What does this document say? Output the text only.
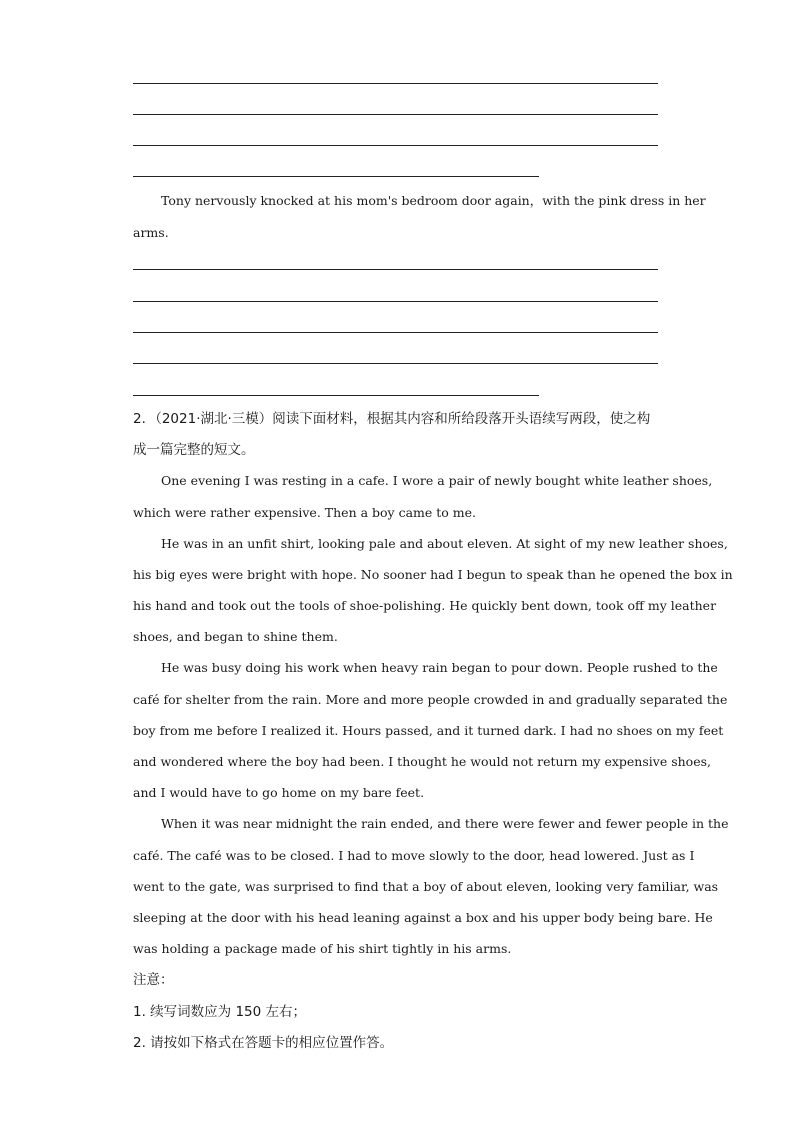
Tony nervously knocked at his mom's bedroom door again，with the pink dress in her
arms.
2．（2021·湖北·三模）阅读下面材料，根据其内容和所给段落开头语续写两段，使之构
成一篇完整的短文。
One evening I was resting in a cafe. I wore a pair of newly bought white leather shoes,
which were rather expensive. Then a boy came to me.
He was in an unfit shirt, looking pale and about eleven. At sight of my new leather shoes,
his big eyes were bright with hope. No sooner had I begun to speak than he opened the box in
his hand and took out the tools of shoe-polishing. He quickly bent down, took off my leather
shoes, and began to shine them.
He was busy doing his work when heavy rain began to pour down. People rushed to the
café for shelter from the rain. More and more people crowded in and gradually separated the
boy from me before I realized it. Hours passed, and it turned dark. I had no shoes on my feet
and wondered where the boy had been. I thought he would not return my expensive shoes,
and I would have to go home on my bare feet.
When it was near midnight the rain ended, and there were fewer and fewer people in the
café. The café was to be closed. I had to move slowly to the door, head lowered. Just as I
went to the gate, was surprised to find that a boy of about eleven, looking very familiar, was
sleeping at the door with his head leaning against a box and his upper body being bare. He
was holding a package made of his shirt tightly in his arms.
注意：
1. 续写词数应为 150 左右；
2. 请按如下格式在答题卡的相应位置作答。
